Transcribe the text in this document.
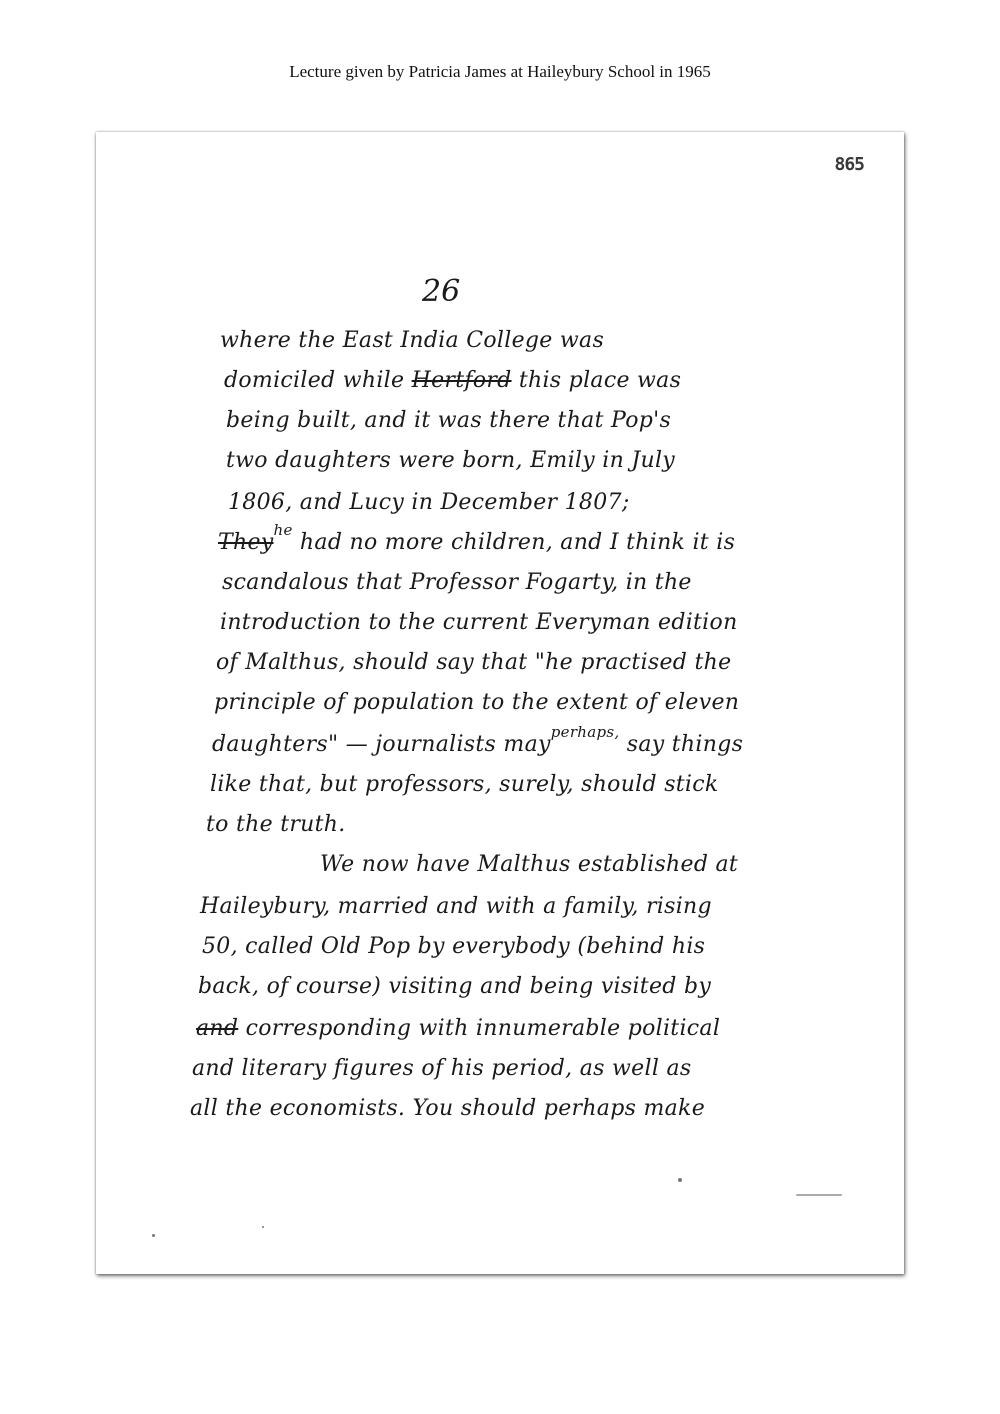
Lecture given by Patricia James at Haileybury School in 1965
865
26
where the East India College was
domiciled while Hertford this place was
being built, and it was there that Pop's
two daughters were born, Emily in July
1806, and Lucy in December 1807;
They$^{he}$ had no more children, and I think it is
scandalous that Professor Fogarty, in the
introduction to the current Everyman edition
of Malthus, should say that "he practised the
principle of population to the extent of eleven
daughters" — journalists may$^{perhaps,}$ say things
like that, but professors, surely, should stick
to the truth.
We now have Malthus established at
Haileybury, married and with a family, rising
50, called Old Pop by everybody (behind his
back, of course) visiting and being visited by
and corresponding with innumerable political
and literary figures of his period, as well as
all the economists. You should perhaps make
